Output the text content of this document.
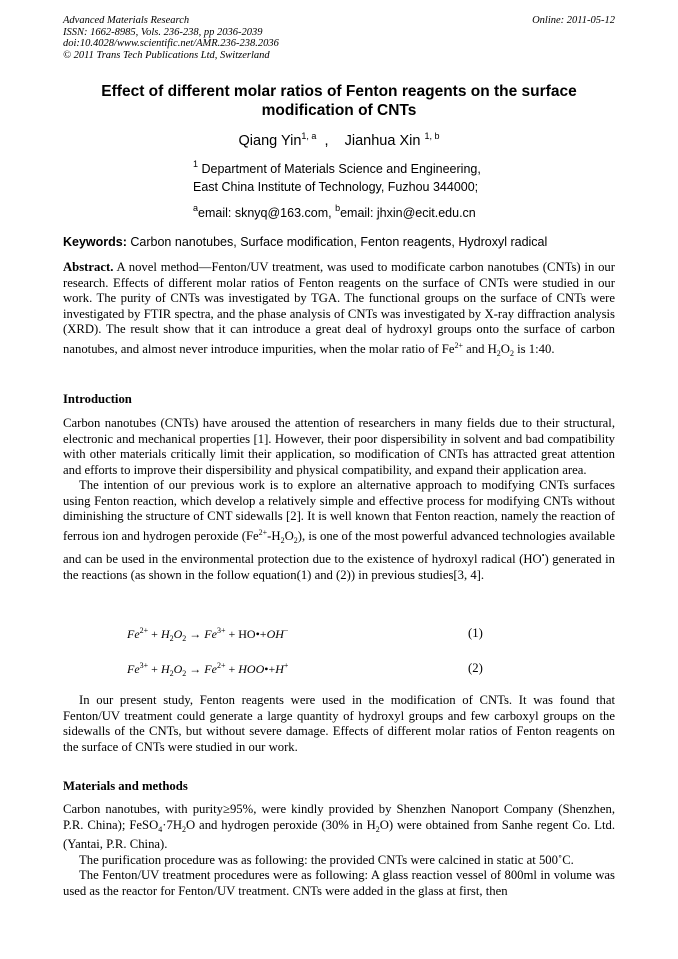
Advanced Materials Research
ISSN: 1662-8985, Vols. 236-238, pp 2036-2039
doi:10.4028/www.scientific.net/AMR.236-238.2036
© 2011 Trans Tech Publications Ltd, Switzerland
Online: 2011-05-12
Effect of different molar ratios of Fenton reagents on the surface modification of CNTs
Qiang Yin$^{1, a}$  ,    Jianhua Xin $^{1, b}$
$^1$ Department of Materials Science and Engineering,
East China Institute of Technology, Fuzhou 344000;
$^a$email: sknyq@163.com, $^b$email: jhxin@ecit.edu.cn
Keywords: Carbon nanotubes, Surface modification, Fenton reagents, Hydroxyl radical

Abstract. A novel method—Fenton/UV treatment, was used to modificate carbon nanotubes (CNTs) in our research. Effects of different molar ratios of Fenton reagents on the surface of CNTs were studied in our work. The purity of CNTs was investigated by TGA. The functional groups on the surface of CNTs were investigated by FTIR spectra, and the phase analysis of CNTs was investigated by X-ray diffraction analysis (XRD). The result show that it can introduce a great deal of hydroxyl groups onto the surface of carbon nanotubes, and almost never introduce impurities, when the molar ratio of $Fe^{2+}$ and $H_2O_2$ is 1:40.

Introduction

Carbon nanotubes (CNTs) have aroused the attention of researchers in many fields due to their structural, electronic and mechanical properties [1]. However, their poor dispersibility in solvent and bad compatibility with other materials critically limit their application, so modification of CNTs has attracted great attention and efforts to improve their dispersibility and physical compatibility, and expand their application area.

The intention of our previous work is to explore an alternative approach to modifying CNTs surfaces using Fenton reaction, which develop a relatively simple and effective process for modifying CNTs without diminishing the structure of CNT sidewalls [2]. It is well known that Fenton reaction, namely the reaction of ferrous ion and hydrogen peroxide $(Fe^{2+}-H_2O_2)$, is one of the most powerful advanced technologies available and can be used in the environmental protection due to the existence of hydroxyl radical (HO•) generated in the reactions (as shown in the follow equation(1) and (2)) in previous studies[3, 4].

$Fe^{2+} + H_2O_2 \to Fe^{3+}$ + HO•+OH−	(1)
$Fe^{3+} + H_2O_2 \to Fe^{2+}$ + HOO•+H+	(2)

In our present study, Fenton reagents were used in the modification of CNTs. It was found that Fenton/UV treatment could generate a large quantity of hydroxyl groups and few carboxyl groups on the sidewalls of the CNTs, but without severe damage. Effects of different molar ratios of Fenton reagents on the surface of CNTs were studied in our work.

Materials and methods

Carbon nanotubes, with purity≥95%, were kindly provided by Shenzhen Nanoport Company (Shenzhen, P.R. China); $FeSO_4\cdot 7H_2O$ and hydrogen peroxide (30% in $H_2O$) were obtained from Sanhe regent Co. Ltd. (Yantai, P.R. China).

The purification procedure was as following: the provided CNTs were calcined in static at 500˚C.

The Fenton/UV treatment procedures were as following: A glass reaction vessel of 800ml in volume was used as the reactor for Fenton/UV treatment. CNTs were added in the glass at first, then
